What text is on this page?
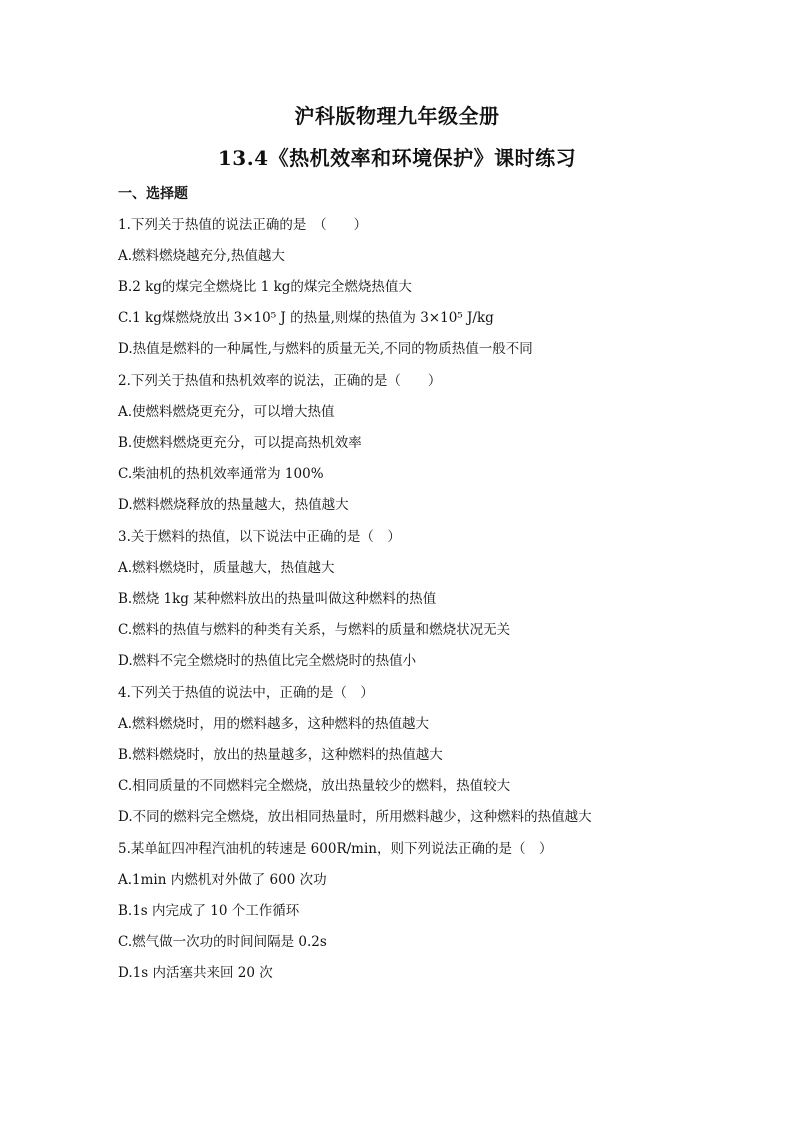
沪科版物理九年级全册
13.4《热机效率和环境保护》课时练习
一、选择题
1.下列关于热值的说法正确的是　（　　）
A.燃料燃烧越充分,热值越大
B.2 kg的煤完全燃烧比 1 kg的煤完全燃烧热值大
C.1 kg煤燃烧放出 3×10⁵ J 的热量,则煤的热值为 3×10⁵ J/kg
D.热值是燃料的一种属性,与燃料的质量无关,不同的物质热值一般不同
2.下列关于热值和热机效率的说法，正确的是（　　）
A.使燃料燃烧更充分，可以增大热值
B.使燃料燃烧更充分，可以提高热机效率
C.柴油机的热机效率通常为 100%
D.燃料燃烧释放的热量越大，热值越大
3.关于燃料的热值，以下说法中正确的是（　）
A.燃料燃烧时，质量越大，热值越大
B.燃烧 1kg 某种燃料放出的热量叫做这种燃料的热值
C.燃料的热值与燃料的种类有关系，与燃料的质量和燃烧状况无关
D.燃料不完全燃烧时的热值比完全燃烧时的热值小
4.下列关于热值的说法中，正确的是（　）
A.燃料燃烧时，用的燃料越多，这种燃料的热值越大
B.燃料燃烧时，放出的热量越多，这种燃料的热值越大
C.相同质量的不同燃料完全燃烧，放出热量较少的燃料，热值较大
D.不同的燃料完全燃烧，放出相同热量时，所用燃料越少，这种燃料的热值越大
5.某单缸四冲程汽油机的转速是 600R/min，则下列说法正确的是（　）
A.1min 内燃机对外做了 600 次功
B.1s 内完成了 10 个工作循环
C.燃气做一次功的时间间隔是 0.2s
D.1s 内活塞共来回 20 次
